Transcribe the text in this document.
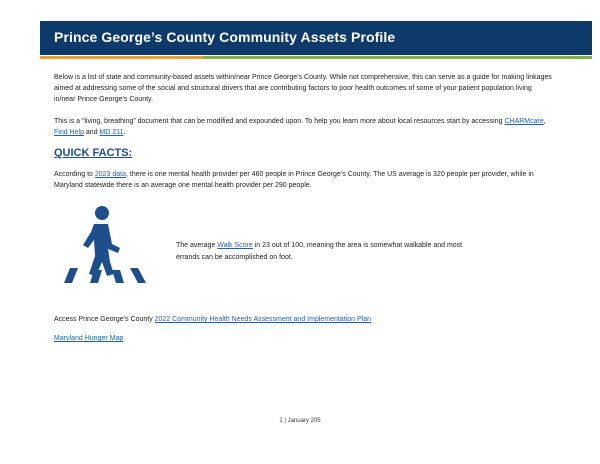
Prince George’s County Community Assets Profile
Below is a list of state and community-based assets within/near Prince George’s County. While not comprehensive, this can serve as a guide for making linkages aimed at addressing some of the social and structural drivers that are contributing factors to poor health outcomes of some of your patient population living in/near Prince George’s County.
This is a “living, breathing” document that can be modified and expounded upon. To help you learn more about local resources start by accessing CHARMcare, Find Help and MD 211.
QUICK FACTS:
According to 2023 data, there is one mental health provider per 460 people in Prince George’s County. The US average is 320 people per provider, while in Maryland statewide there is an average one mental health provider per 290 people.
The average Walk Score in 23 out of 100, meaning the area is somewhat walkable and most errands can be accomplished on foot.
Access Prince George’s County 2022 Community Health Needs Assessment and Implementation Plan
Maryland Hunger Map
1 | January 205
